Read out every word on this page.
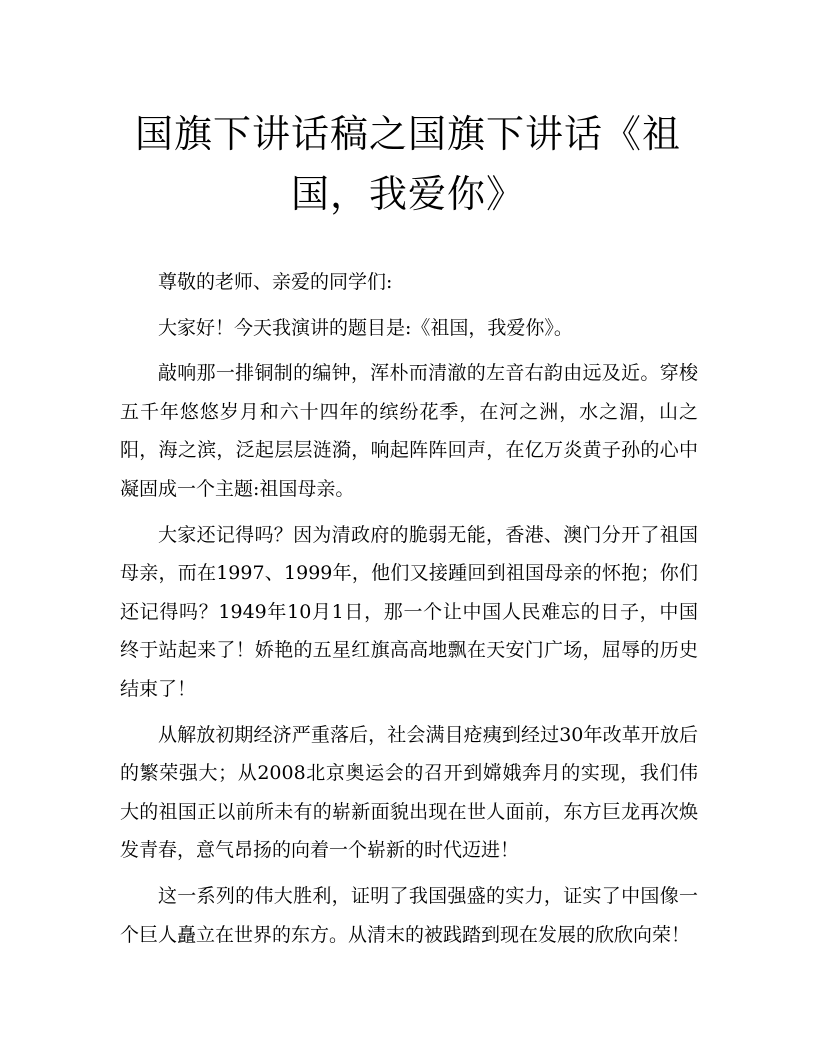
国旗下讲话稿之国旗下讲话《祖国，我爱你》

尊敬的老师、亲爱的同学们:

大家好！今天我演讲的题目是:《祖国，我爱你》。

敲响那一排铜制的编钟，浑朴而清澈的左音右韵由远及近。穿梭五千年悠悠岁月和六十四年的缤纷花季，在河之洲，水之湄，山之阳，海之滨，泛起层层涟漪，响起阵阵回声，在亿万炎黄子孙的心中凝固成一个主题:祖国母亲。

大家还记得吗？因为清政府的脆弱无能，香港、澳门分开了祖国母亲，而在1997、1999年，他们又接踵回到祖国母亲的怀抱；你们还记得吗？1949年10月1日，那一个让中国人民难忘的日子，中国终于站起来了！娇艳的五星红旗高高地飘在天安门广场，屈辱的历史结束了！

从解放初期经济严重落后，社会满目疮痍到经过30年改革开放后的繁荣强大；从2008北京奥运会的召开到嫦娥奔月的实现，我们伟大的祖国正以前所未有的崭新面貌出现在世人面前，东方巨龙再次焕发青春，意气昂扬的向着一个崭新的时代迈进！

这一系列的伟大胜利，证明了我国强盛的实力，证实了中国像一个巨人矗立在世界的东方。从清末的被践踏到现在发展的欣欣向荣！
